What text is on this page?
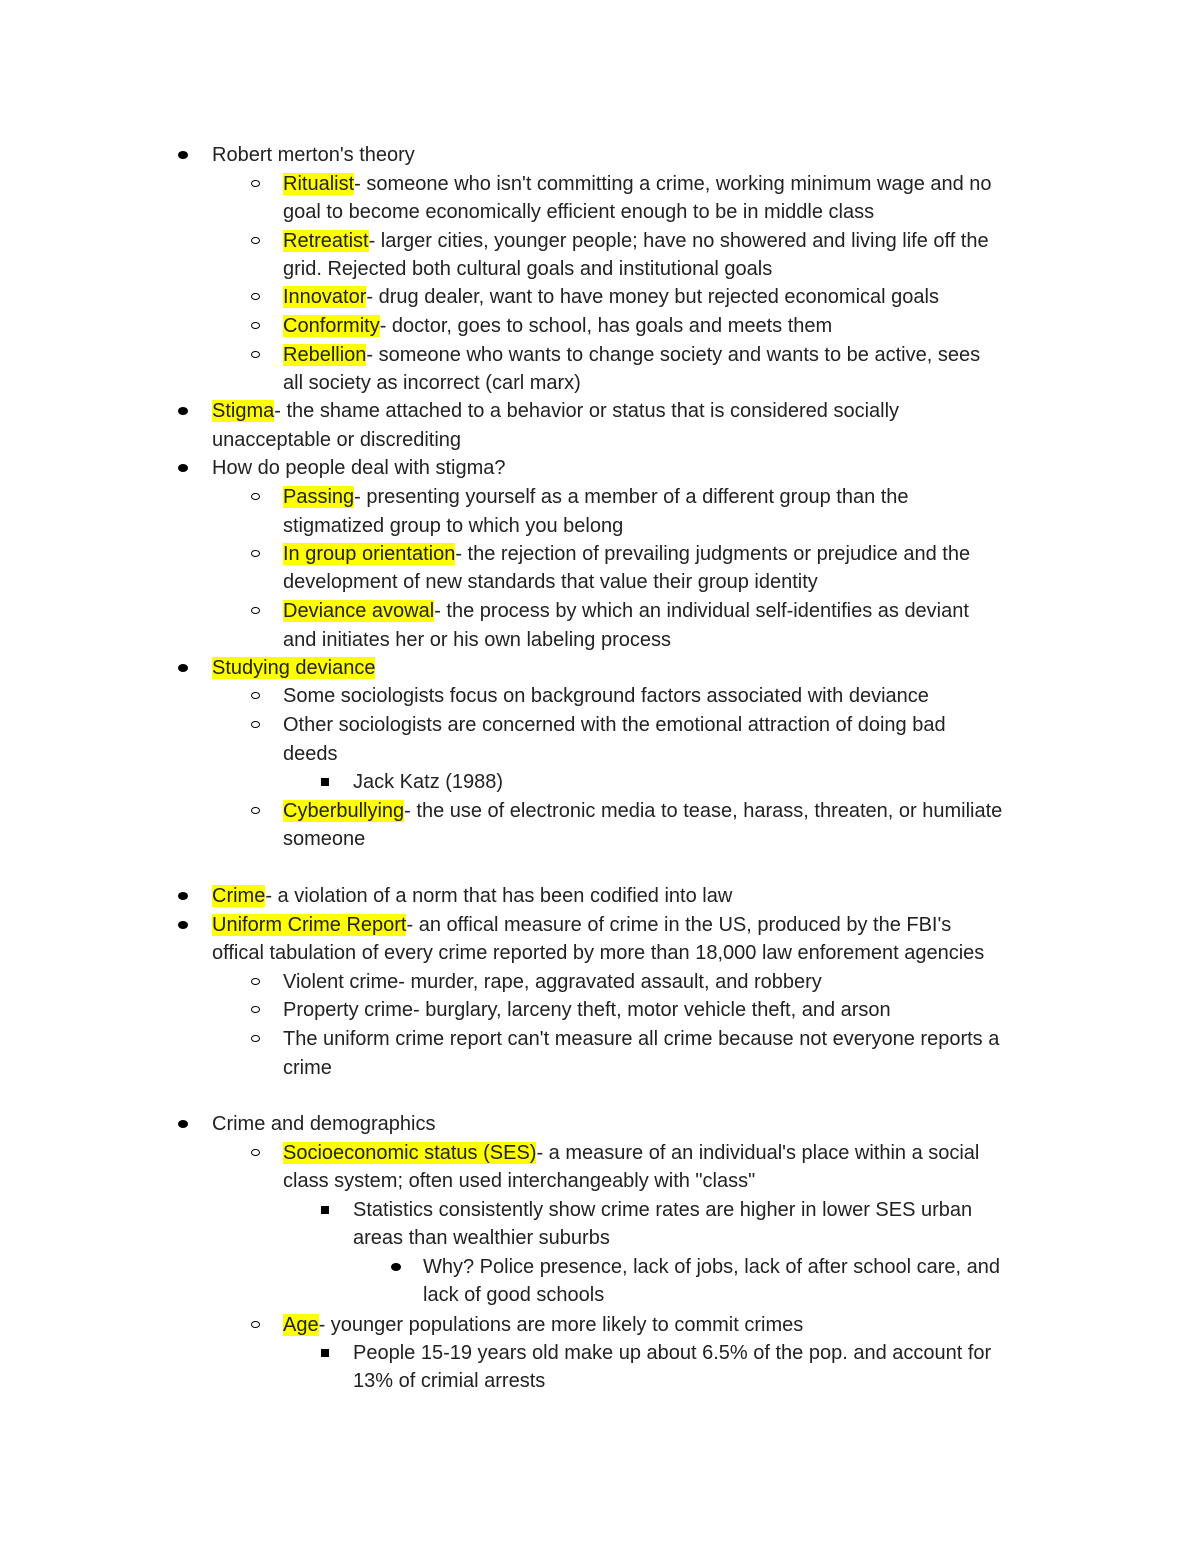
Robert merton's theory
Ritualist- someone who isn't committing a crime, working minimum wage and no
goal to become economically efficient enough to be in middle class
Retreatist- larger cities, younger people; have no showered and living life off the
grid. Rejected both cultural goals and institutional goals
Innovator- drug dealer, want to have money but rejected economical goals
Conformity- doctor, goes to school, has goals and meets them
Rebellion- someone who wants to change society and wants to be active, sees
all society as incorrect (carl marx)
Stigma- the shame attached to a behavior or status that is considered socially
unacceptable or discrediting
How do people deal with stigma?
Passing- presenting yourself as a member of a different group than the
stigmatized group to which you belong
In group orientation- the rejection of prevailing judgments or prejudice and the
development of new standards that value their group identity
Deviance avowal- the process by which an individual self-identifies as deviant
and initiates her or his own labeling process
Studying deviance
Some sociologists focus on background factors associated with deviance
Other sociologists are concerned with the emotional attraction of doing bad
deeds
Jack Katz (1988)
Cyberbullying- the use of electronic media to tease, harass, threaten, or humiliate
someone
Crime- a violation of a norm that has been codified into law
Uniform Crime Report- an offical measure of crime in the US, produced by the FBI's
offical tabulation of every crime reported by more than 18,000 law enforement agencies
Violent crime- murder, rape, aggravated assault, and robbery
Property crime- burglary, larceny theft, motor vehicle theft, and arson
The uniform crime report can't measure all crime because not everyone reports a
crime
Crime and demographics
Socioeconomic status (SES)- a measure of an individual's place within a social
class system; often used interchangeably with "class"
Statistics consistently show crime rates are higher in lower SES urban
areas than wealthier suburbs
Why? Police presence, lack of jobs, lack of after school care, and
lack of good schools
Age- younger populations are more likely to commit crimes
People 15-19 years old make up about 6.5% of the pop. and account for
13% of crimial arrests
